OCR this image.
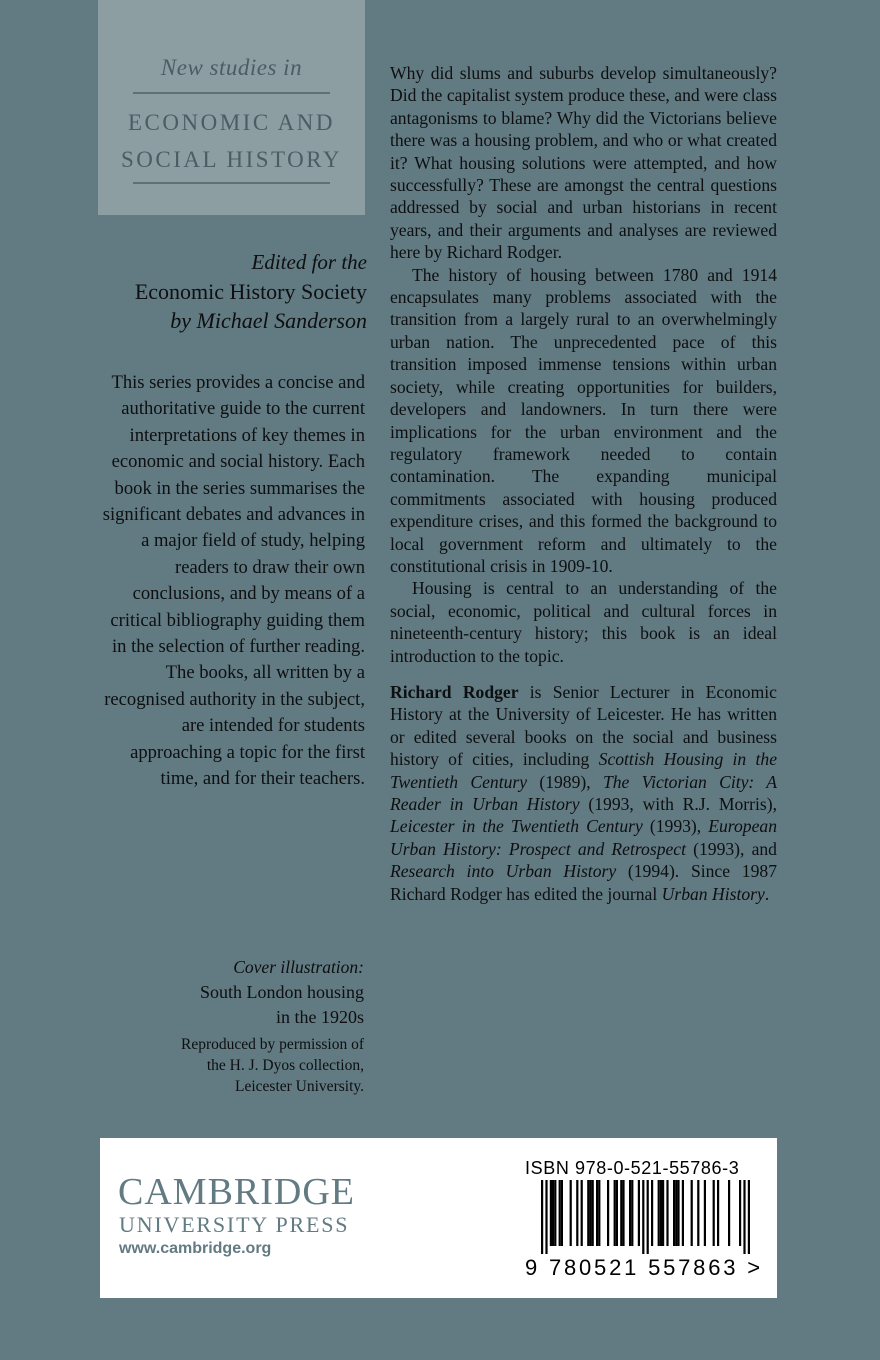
New studies in
ECONOMIC AND
SOCIAL HISTORY
Edited for the
Economic History Society
by Michael Sanderson
This series provides a concise and authoritative guide to the current interpretations of key themes in economic and social history. Each book in the series summarises the significant debates and advances in a major field of study, helping readers to draw their own conclusions, and by means of a critical bibliography guiding them in the selection of further reading. The books, all written by a recognised authority in the subject, are intended for students approaching a topic for the first time, and for their teachers.
Cover illustration:
South London housing
in the 1920s
Reproduced by permission of
the H. J. Dyos collection,
Leicester University.

Why did slums and suburbs develop simultaneously? Did the capitalist system produce these, and were class antagonisms to blame? Why did the Victorians believe there was a housing problem, and who or what created it? What housing solutions were attempted, and how successfully? These are amongst the central questions addressed by social and urban historians in recent years, and their arguments and analyses are reviewed here by Richard Rodger.

The history of housing between 1780 and 1914 encapsulates many problems associated with the transition from a largely rural to an overwhelmingly urban nation. The unprecedented pace of this transition imposed immense tensions within urban society, while creating opportunities for builders, developers and landowners. In turn there were implications for the urban environment and the regulatory framework needed to contain contamination. The expanding municipal commitments associated with housing produced expenditure crises, and this formed the background to local government reform and ultimately to the constitutional crisis in 1909-10.

Housing is central to an understanding of the social, economic, political and cultural forces in nineteenth-century history; this book is an ideal introduction to the topic.

Richard Rodger is Senior Lecturer in Economic History at the University of Leicester. He has written or edited several books on the social and business history of cities, including Scottish Housing in the Twentieth Century (1989), The Victorian City: A Reader in Urban History (1993, with R.J. Morris), Leicester in the Twentieth Century (1993), European Urban History: Prospect and Retrospect (1993), and Research into Urban History (1994). Since 1987 Richard Rodger has edited the journal Urban History.

CAMBRIDGE
UNIVERSITY PRESS
www.cambridge.org
ISBN 978-0-521-55786-3
9 780521 557863 >
